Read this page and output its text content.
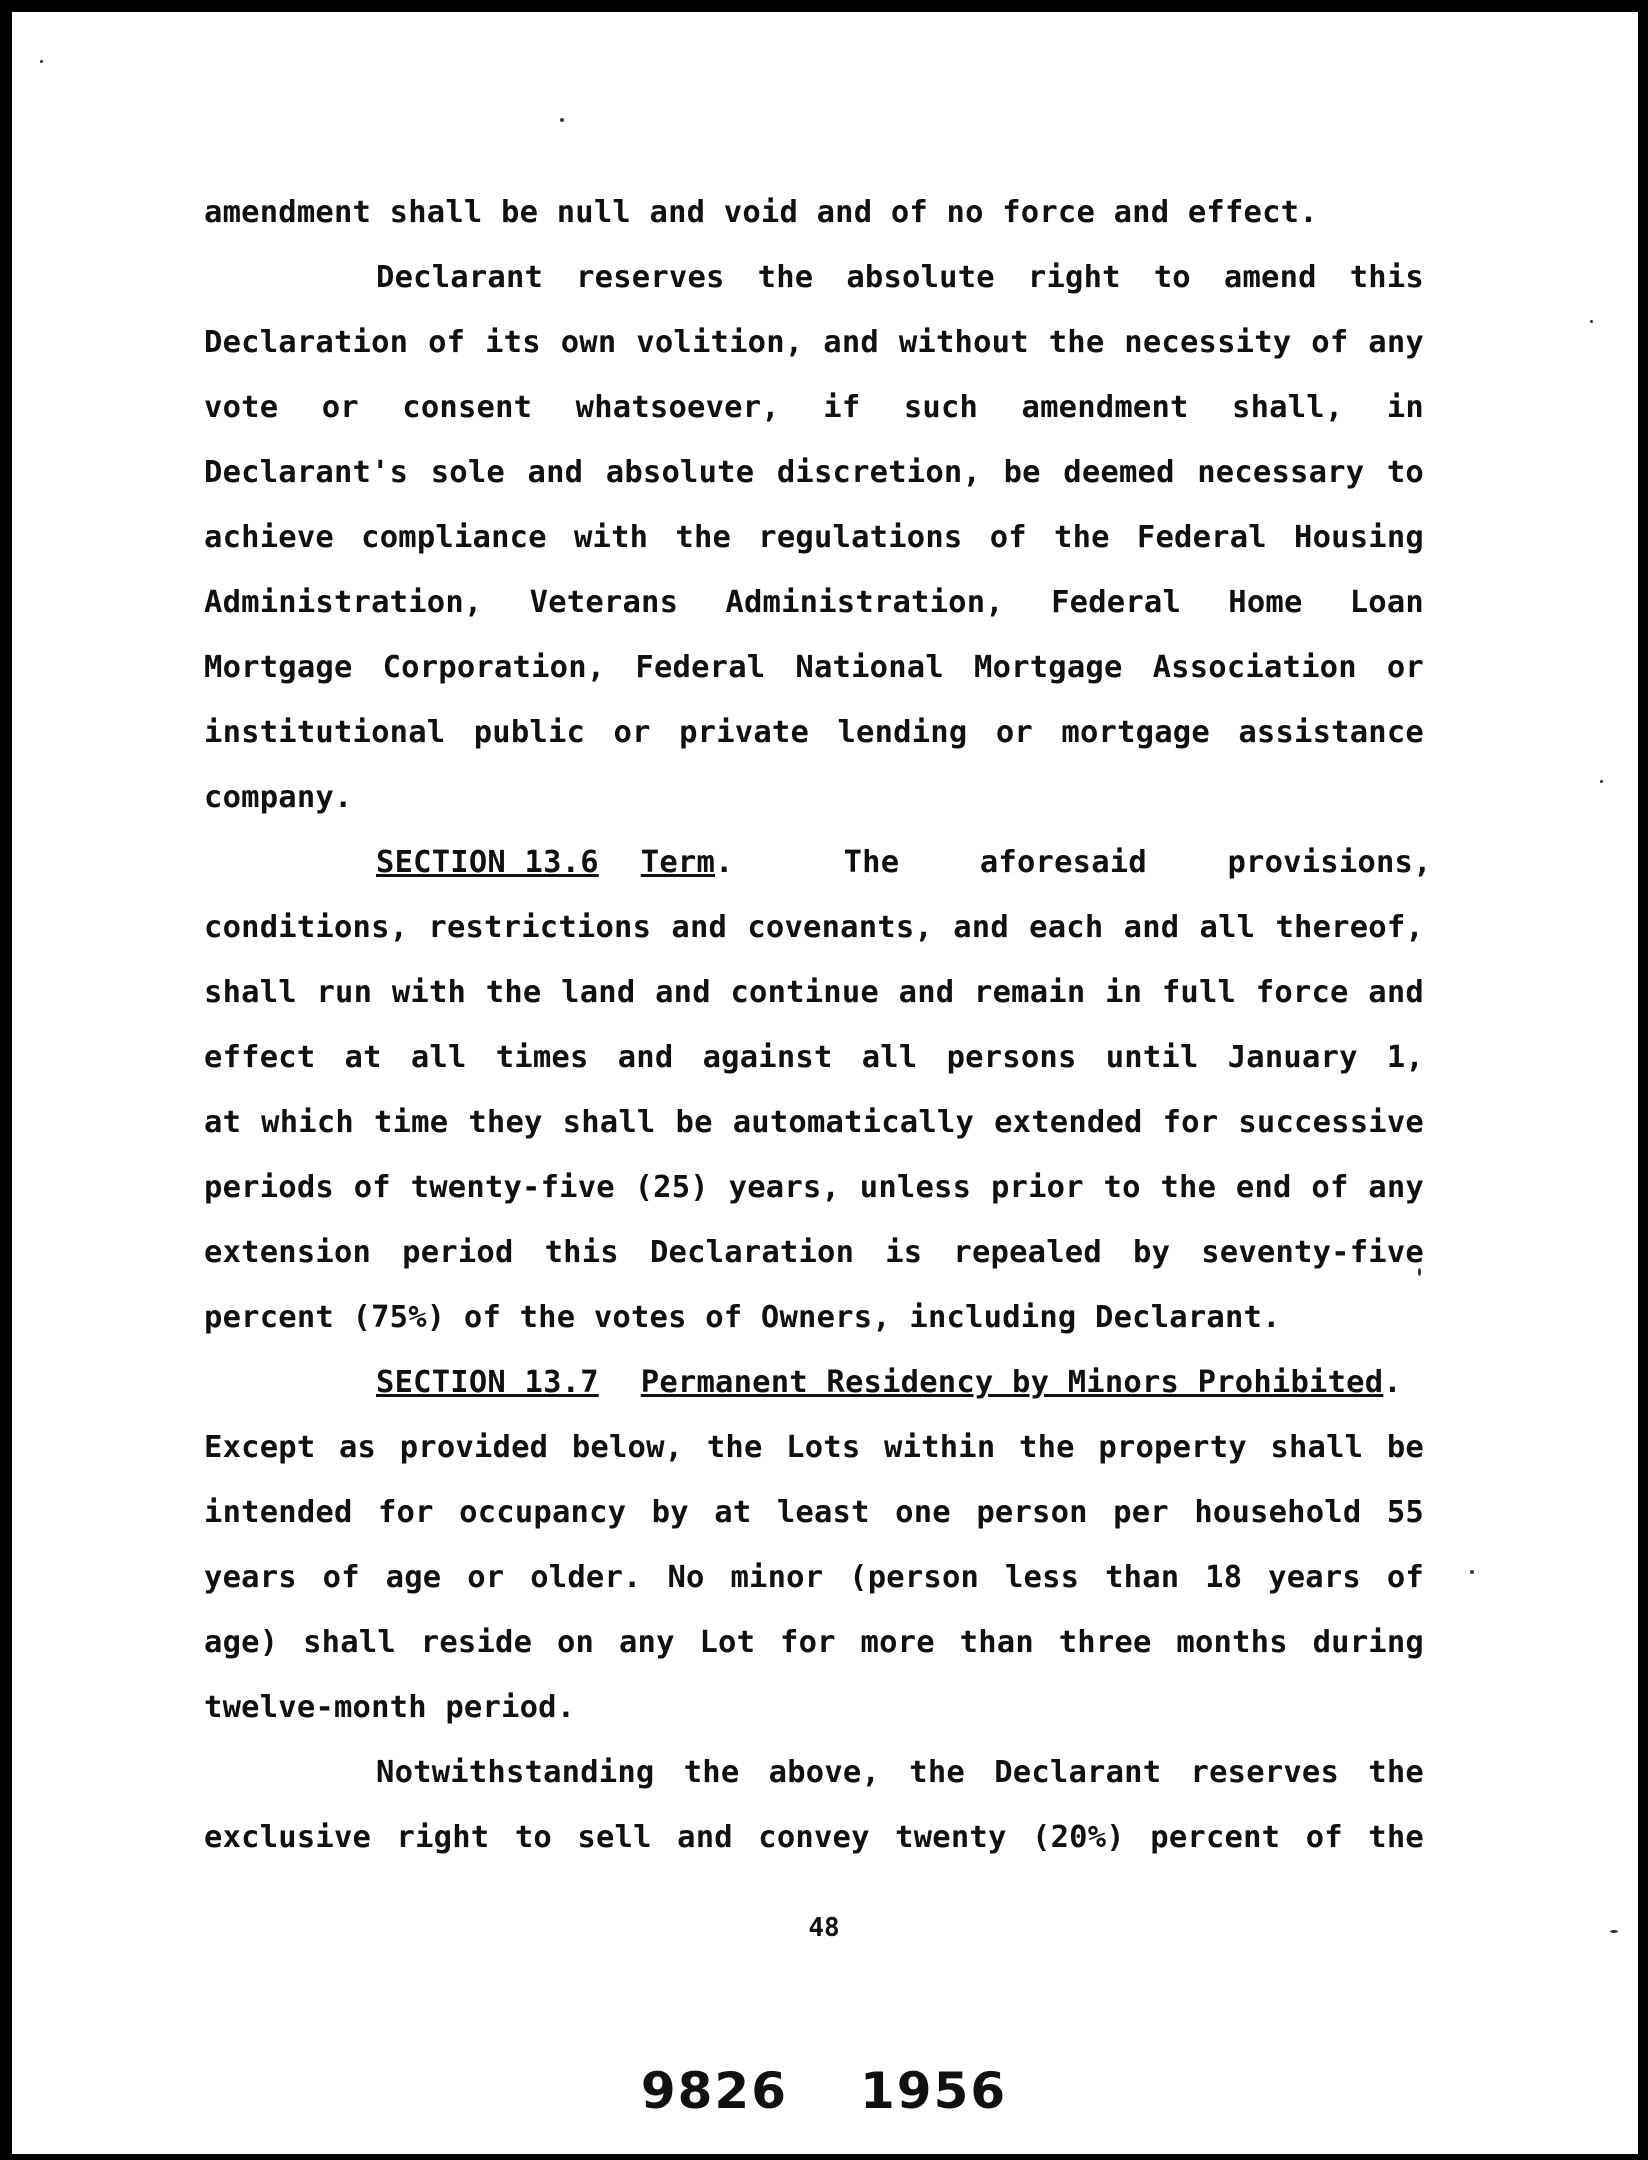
amendment shall be null and void and of no force and effect.
Declarant reserves the absolute right to amend this
Declaration of its own volition, and without the necessity of any
vote or consent whatsoever, if such amendment shall, in
Declarant's sole and absolute discretion, be deemed necessary to
achieve compliance with the regulations of the Federal Housing
Administration, Veterans Administration, Federal Home Loan
Mortgage Corporation, Federal National Mortgage Association or
institutional public or private lending or mortgage assistance
company.
SECTION 13.6 Term.	The aforesaid provisions,
conditions, restrictions and covenants, and each and all thereof,
shall run with the land and continue and remain in full force and
effect at all times and against all persons until January 1,
at which time they shall be automatically extended for successive
periods of twenty-five (25) years, unless prior to the end of any
extension period this Declaration is repealed by seventy-five
percent (75%) of the votes of Owners, including Declarant.
SECTION 13.7 Permanent Residency by Minors Prohibited.
Except as provided below, the Lots within the property shall be
intended for occupancy by at least one person per household 55
years of age or older. No minor (person less than 18 years of
age) shall reside on any Lot for more than three months during
twelve-month period.
Notwithstanding the above, the Declarant reserves the
exclusive right to sell and convey twenty (20%) percent of the
48
9826 1956
